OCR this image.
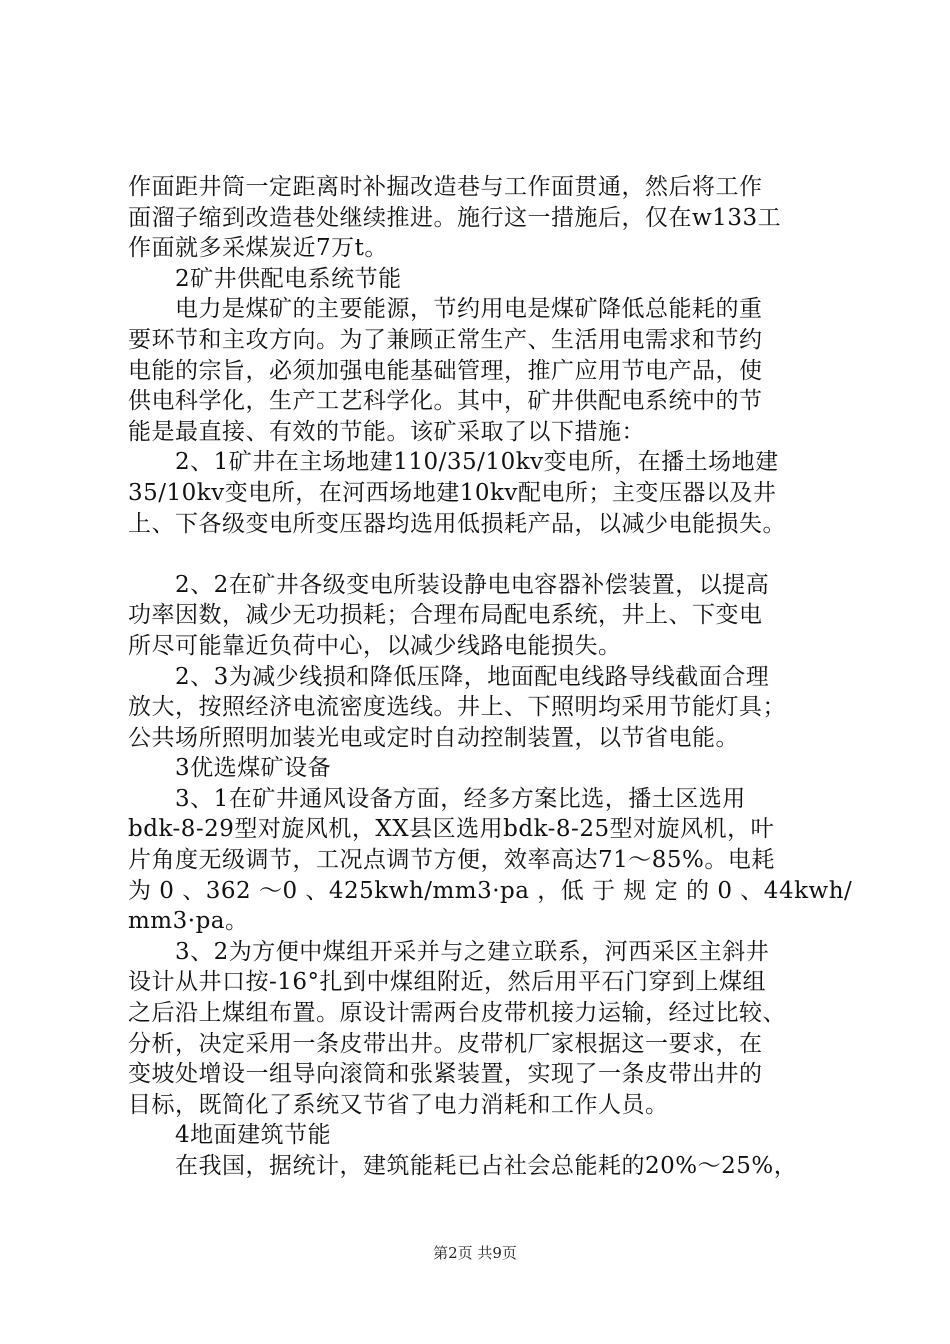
作面距井筒一定距离时补掘改造巷与工作面贯通，然后将工作
面溜子缩到改造巷处继续推进。施行这一措施后，仅在w133工
作面就多采煤炭近7万t。
　　2矿井供配电系统节能
　　电力是煤矿的主要能源，节约用电是煤矿降低总能耗的重
要环节和主攻方向。为了兼顾正常生产、生活用电需求和节约
电能的宗旨，必须加强电能基础管理，推广应用节电产品，使
供电科学化，生产工艺科学化。其中，矿井供配电系统中的节
能是最直接、有效的节能。该矿采取了以下措施：
　　2、1矿井在主场地建110/35/10kv变电所，在播土场地建
35/10kv变电所，在河西场地建10kv配电所；主变压器以及井
上、下各级变电所变压器均选用低损耗产品，以减少电能损失。
　　2、2在矿井各级变电所装设静电电容器补偿装置，以提高
功率因数，减少无功损耗；合理布局配电系统，井上、下变电
所尽可能靠近负荷中心，以减少线路电能损失。
　　2、3为减少线损和降低压降，地面配电线路导线截面合理
放大，按照经济电流密度选线。井上、下照明均采用节能灯具；
公共场所照明加装光电或定时自动控制装置，以节省电能。
　　3优选煤矿设备
　　3、1在矿井通风设备方面，经多方案比选，播土区选用
bdk-8-29型对旋风机，XX县区选用bdk-8-25型对旋风机，叶
片角度无级调节，工况点调节方便，效率高达71～85%。电耗
为 0 、362 ～0 、425kwh/mm3·pa ，低 于 规 定 的 0 、44kwh/
mm3·pa。
　　3、2为方便中煤组开采并与之建立联系，河西采区主斜井
设计从井口按-16°扎到中煤组附近，然后用平石门穿到上煤组
之后沿上煤组布置。原设计需两台皮带机接力运输，经过比较、
分析，决定采用一条皮带出井。皮带机厂家根据这一要求，在
变坡处增设一组导向滚筒和张紧装置，实现了一条皮带出井的
目标，既简化了系统又节省了电力消耗和工作人员。
　　4地面建筑节能
　　在我国，据统计，建筑能耗已占社会总能耗的20%～25%，
第2页 共9页
